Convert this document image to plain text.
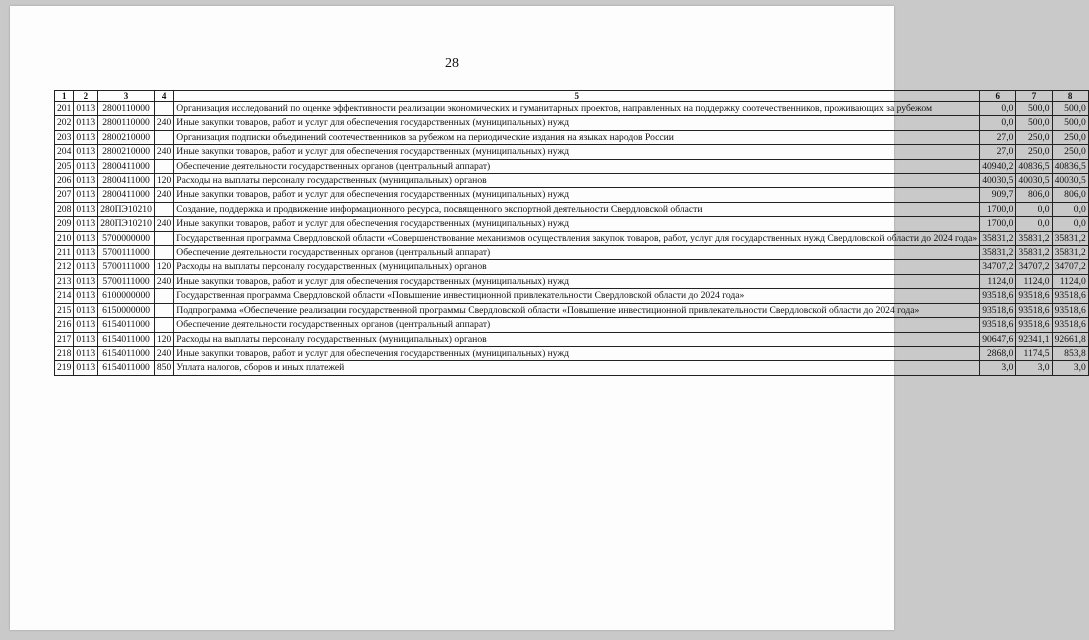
28
1	2	3	4	5	6	7	8
201	0113	2800110000		Организация исследований по оценке эффективности реализации экономических и гуманитарных проектов, направленных на поддержку соотечественников, проживающих за рубежом	0,0	500,0	500,0
202	0113	2800110000	240	Иные закупки товаров, работ и услуг для обеспечения государственных (муниципальных) нужд	0,0	500,0	500,0
203	0113	2800210000		Организация подписки объединений соотечественников за рубежом на периодические издания на языках народов России	27,0	250,0	250,0
204	0113	2800210000	240	Иные закупки товаров, работ и услуг для обеспечения государственных (муниципальных) нужд	27,0	250,0	250,0
205	0113	2800411000		Обеспечение деятельности государственных органов (центральный аппарат)	40940,2	40836,5	40836,5
206	0113	2800411000	120	Расходы на выплаты персоналу государственных (муниципальных) органов	40030,5	40030,5	40030,5
207	0113	2800411000	240	Иные закупки товаров, работ и услуг для обеспечения государственных (муниципальных) нужд	909,7	806,0	806,0
208	0113	280ПЭ10210		Создание, поддержка и продвижение информационного ресурса, посвященного экспортной деятельности Свердловской области	1700,0	0,0	0,0
209	0113	280ПЭ10210	240	Иные закупки товаров, работ и услуг для обеспечения государственных (муниципальных) нужд	1700,0	0,0	0,0
210	0113	5700000000		Государственная программа Свердловской области «Совершенствование механизмов осуществления закупок товаров, работ, услуг для государственных нужд Свердловской области до 2024 года»	35831,2	35831,2	35831,2
211	0113	5700111000		Обеспечение деятельности государственных органов (центральный аппарат)	35831,2	35831,2	35831,2
212	0113	5700111000	120	Расходы на выплаты персоналу государственных (муниципальных) органов	34707,2	34707,2	34707,2
213	0113	5700111000	240	Иные закупки товаров, работ и услуг для обеспечения государственных (муниципальных) нужд	1124,0	1124,0	1124,0
214	0113	6100000000		Государственная программа Свердловской области «Повышение инвестиционной привлекательности Свердловской области до 2024 года»	93518,6	93518,6	93518,6
215	0113	6150000000		Подпрограмма «Обеспечение реализации государственной программы Свердловской области «Повышение инвестиционной привлекательности Свердловской области до 2024 года»	93518,6	93518,6	93518,6
216	0113	6154011000		Обеспечение деятельности государственных органов (центральный аппарат)	93518,6	93518,6	93518,6
217	0113	6154011000	120	Расходы на выплаты персоналу государственных (муниципальных) органов	90647,6	92341,1	92661,8
218	0113	6154011000	240	Иные закупки товаров, работ и услуг для обеспечения государственных (муниципальных) нужд	2868,0	1174,5	853,8
219	0113	6154011000	850	Уплата налогов, сборов и иных платежей	3,0	3,0	3,0
